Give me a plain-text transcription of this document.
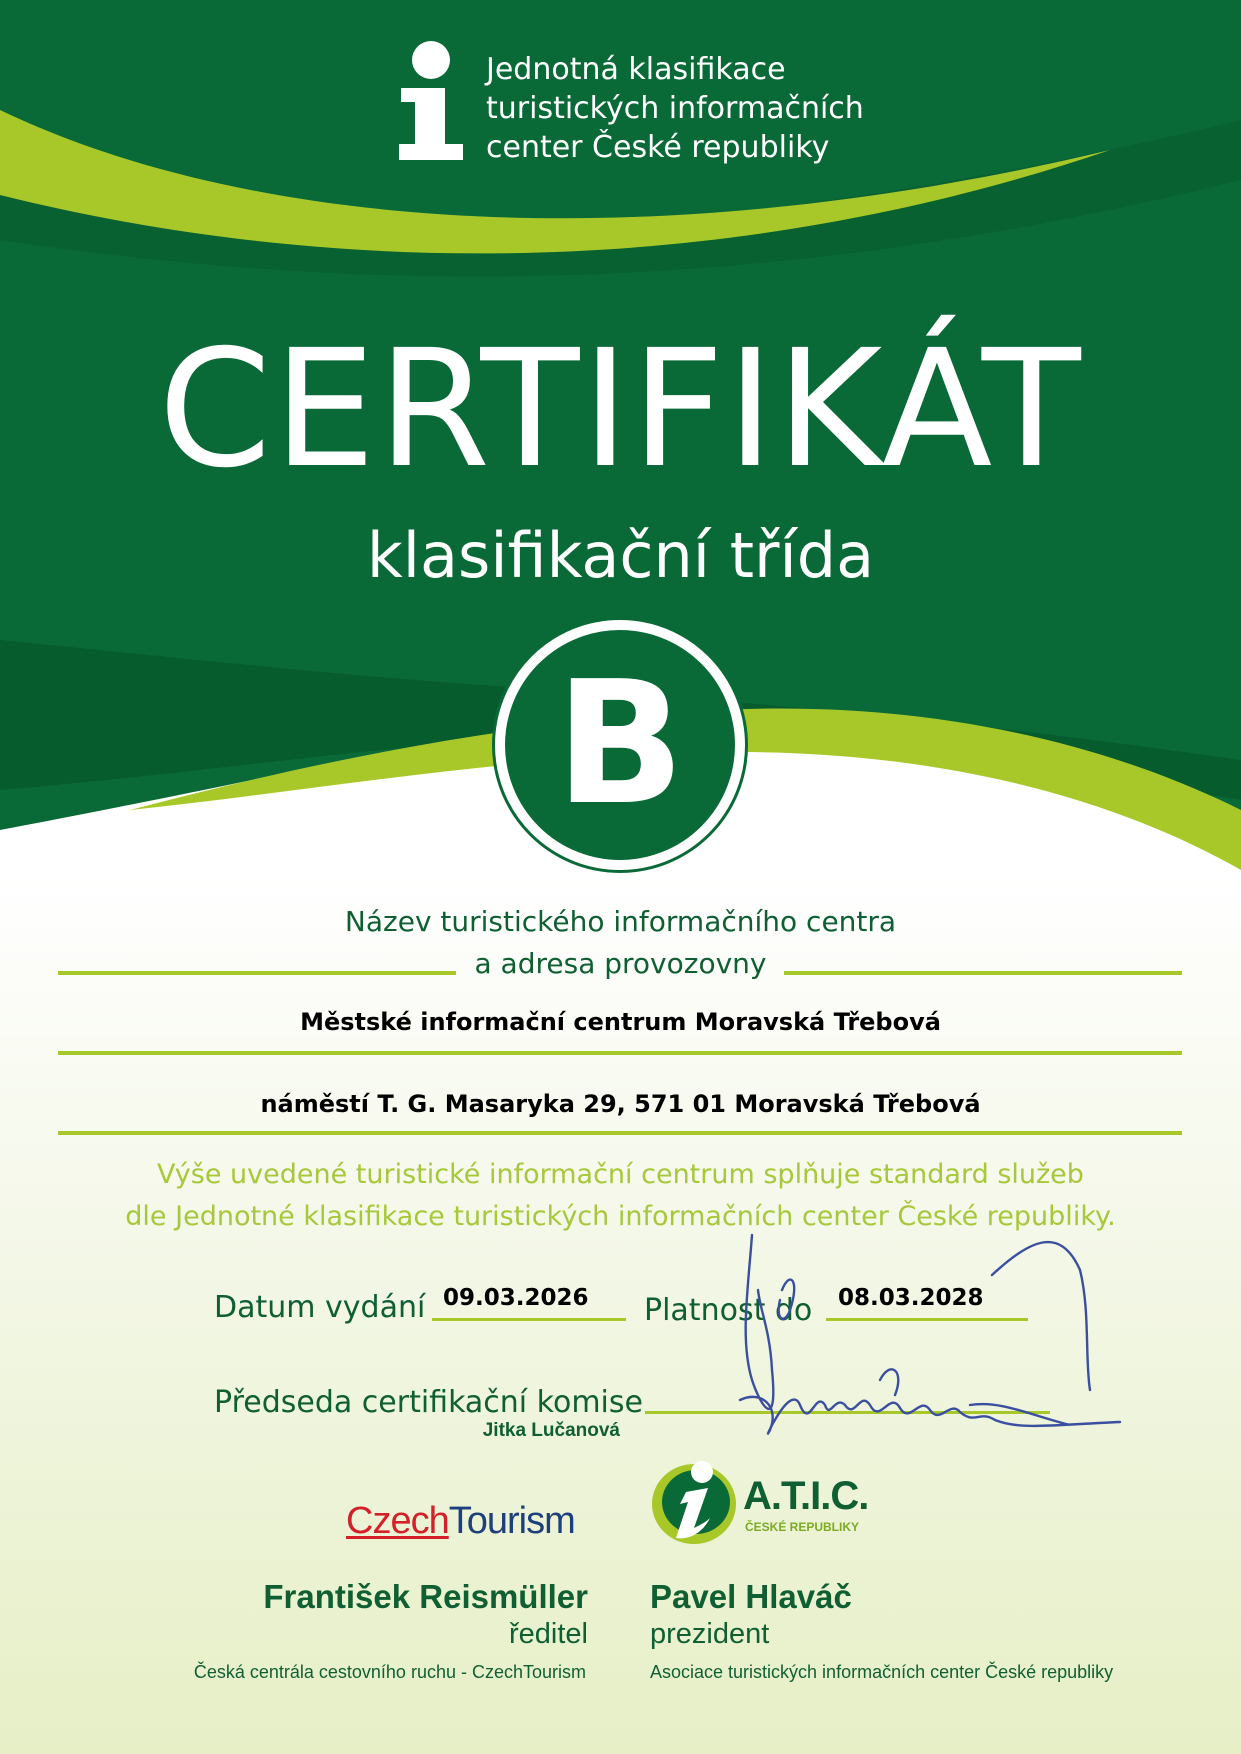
Jednotná klasifikace
turistických informačních
center České republiky
CERTIFIKÁT
klasifikační třída
B
Název turistického informačního centra
a adresa provozovny
Městské informační centrum Moravská Třebová
náměstí T. G. Masaryka 29, 571 01 Moravská Třebová
Výše uvedené turistické informační centrum splňuje standard služeb
dle Jednotné klasifikace turistických informačních center České republiky.
Datum vydání 09.03.2026 Platnost do 08.03.2028
Předseda certifikační komise
Jitka Lučanová
CzechTourism
A.T.I.C.
ČESKÉ REPUBLIKY
František Reismüller
ředitel
Česká centrála cestovního ruchu - CzechTourism
Pavel Hlaváč
prezident
Asociace turistických informačních center České republiky
